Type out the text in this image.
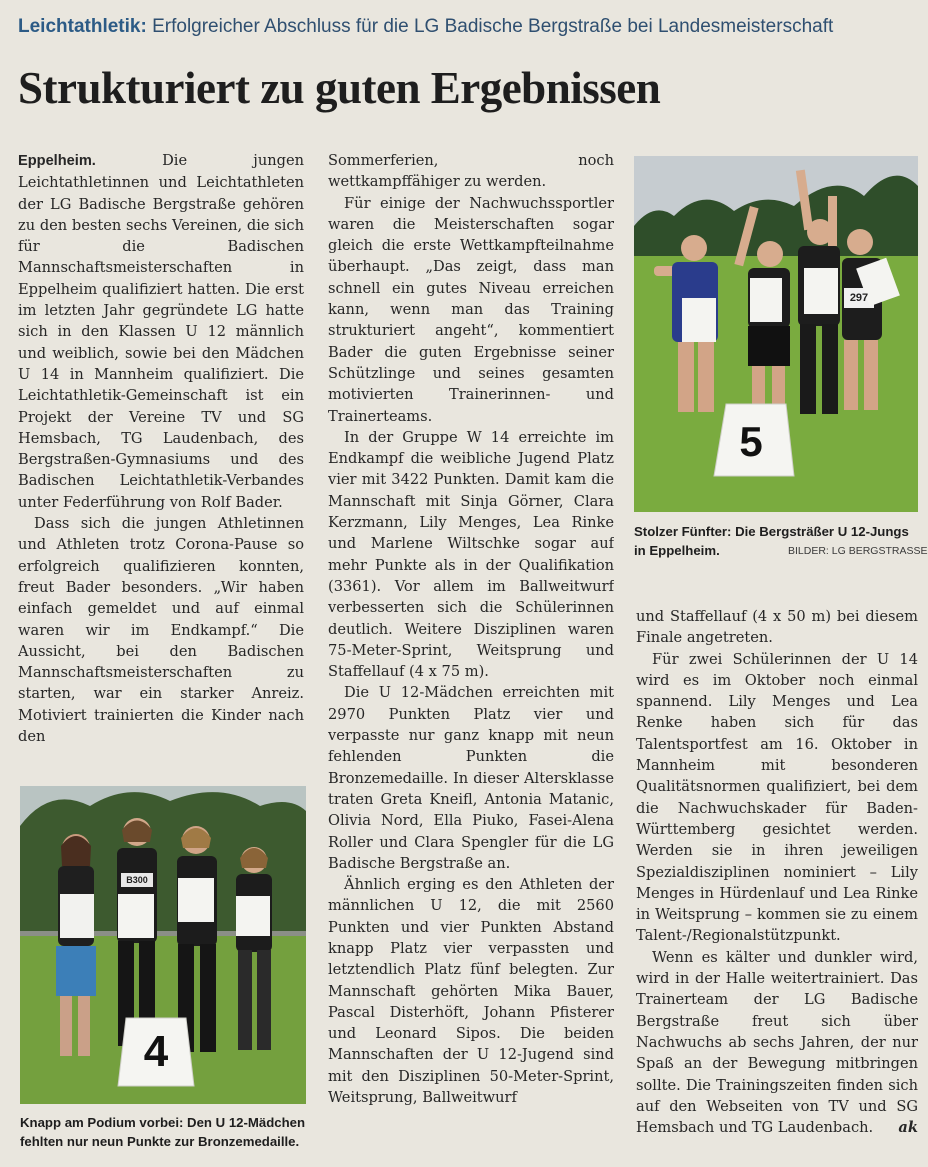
Leichtathletik: Erfolgreicher Abschluss für die LG Badische Bergstraße bei Landesmeisterschaft
Strukturiert zu guten Ergebnissen

Eppelheim.	Die jungen Leichtathletinnen und Leichtathleten der LG Badische Bergstraße gehören zu den besten sechs Vereinen, die sich für die Badischen Mannschaftsmeisterschaften in Eppelheim qualifiziert hatten. Die erst im letzten Jahr gegründete LG hatte sich in den Klassen U 12 männlich und weiblich, sowie bei den Mädchen U 14 in Mannheim qualifiziert. Die Leichtathletik-Gemeinschaft ist ein Projekt der Vereine TV und SG Hemsbach, TG Laudenbach, des Bergstraßen-Gymnasiums und des Badischen Leichtathletik-Verbandes unter Federführung von Rolf Bader.

Dass sich die jungen Athletinnen und Athleten trotz Corona-Pause so erfolgreich qualifizieren konnten, freut Bader besonders. „Wir haben einfach gemeldet und auf einmal waren wir im Endkampf.“ Die Aussicht, bei den Badischen Mannschaftsmeisterschaften zu starten, war ein starker Anreiz. Motiviert trainierten die Kinder nach den

Sommerferien, noch wettkampffähiger zu werden.

Für einige der Nachwuchssportler waren die Meisterschaften sogar gleich die erste Wettkampfteilnahme überhaupt. „Das zeigt, dass man schnell ein gutes Niveau erreichen kann, wenn man das Training strukturiert angeht“, kommentiert Bader die guten Ergebnisse seiner Schützlinge und seines gesamten motivierten Trainerinnen- und Trainerteams.

In der Gruppe W 14 erreichte im Endkampf die weibliche Jugend Platz vier mit 3422 Punkten. Damit kam die Mannschaft mit Sinja Görner, Clara Kerzmann, Lily Menges, Lea Rinke und Marlene Wiltschke sogar auf mehr Punkte als in der Qualifikation (3361). Vor allem im Ballweitwurf verbesserten sich die Schülerinnen deutlich. Weitere Disziplinen waren 75-Meter-Sprint, Weitsprung und Staffellauf (4 x 75 m).

Die U 12-Mädchen erreichten mit 2970 Punkten Platz vier und verpasste nur ganz knapp mit neun fehlenden Punkten die Bronzemedaille. In dieser Altersklasse traten Greta Kneifl, Antonia Matanic, Olivia Nord, Ella Piuko, Fasei-Alena Roller und Clara Spengler für die LG Badische Bergstraße an.

Ähnlich erging es den Athleten der männlichen U 12, die mit 2560 Punkten und vier Punkten Abstand knapp Platz vier verpassten und letztendlich Platz fünf belegten. Zur Mannschaft gehörten Mika Bauer, Pascal Disterhöft, Johann Pfisterer und Leonard Sipos. Die beiden Mannschaften der U 12-Jugend sind mit den Disziplinen 50-Meter-Sprint, Weitsprung, Ballweitwurf

und Staffellauf (4 x 50 m) bei diesem Finale angetreten.

Für zwei Schülerinnen der U 14 wird es im Oktober noch einmal spannend. Lily Menges und Lea Renke haben sich für das Talentsportfest am 16. Oktober in Mannheim mit besonderen Qualitätsnormen qualifiziert, bei dem die Nachwuchskader für Baden-Württemberg gesichtet werden. Werden sie in ihren jeweiligen Spezialdisziplinen nominiert – Lily Menges in Hürdenlauf und Lea Rinke in Weitsprung – kommen sie zu einem Talent-/Regionalstützpunkt.

Wenn es kälter und dunkler wird, wird in der Halle weitertrainiert. Das Trainerteam der LG Badische Bergstraße freut sich über Nachwuchs ab sechs Jahren, der nur Spaß an der Bewegung mitbringen sollte. Die Trainingszeiten finden sich auf den Webseiten von TV und SG Hemsbach und TG Laudenbach.	ak

4
B300
Knapp am Podium vorbei: Den U 12-Mädchen fehlten nur neun Punkte zur Bronzemedaille.
5
297
Stolzer Fünfter: Die Bergsträßer U 12-Jungs in Eppelheim.	BILDER: LG BERGSTRASSE
